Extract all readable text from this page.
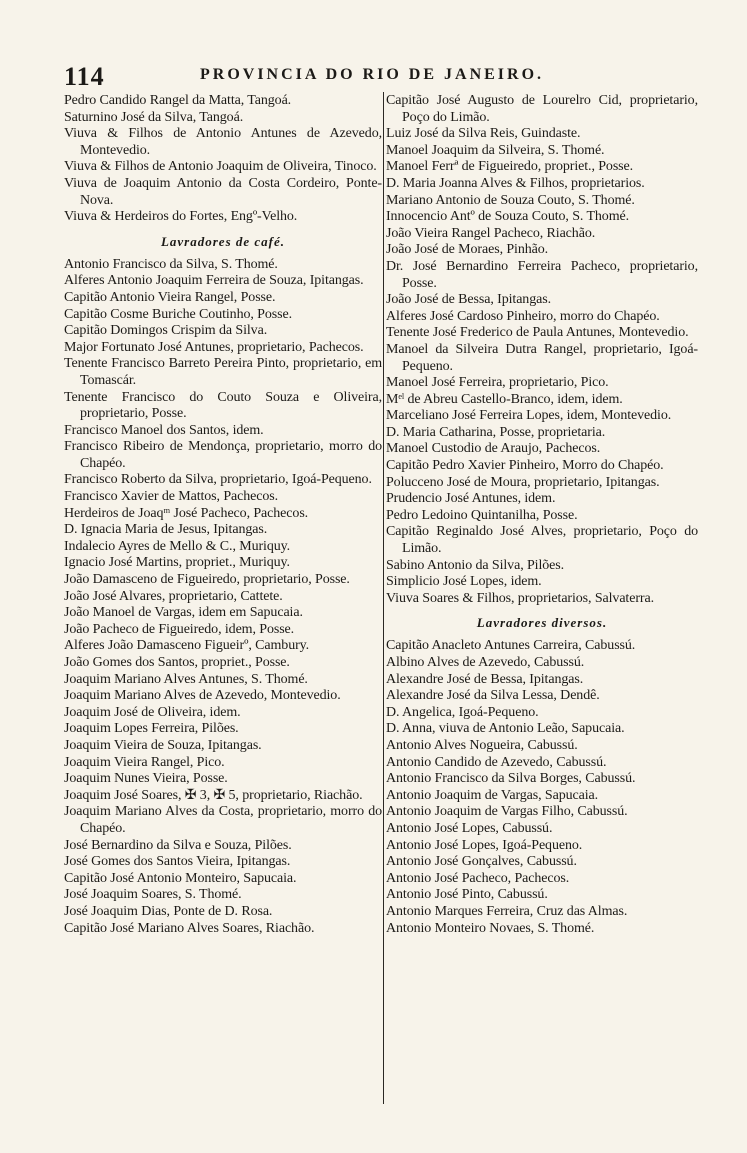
114	PROVINCIA DO RIO DE JANEIRO.
Pedro Candido Rangel da Matta, Tangoá.
Saturnino José da Silva, Tangoá.
Viuva & Filhos de Antonio Antunes de Azevedo, Montevedio.
Viuva & Filhos de Antonio Joaquim de Oliveira, Tinoco.
Viuva de Joaquim Antonio da Costa Cordeiro, Ponte-Nova.
Viuva & Herdeiros do Fortes, Engº-Velho.
Lavradores de café.
Antonio Francisco da Silva, S. Thomé.
Alferes Antonio Joaquim Ferreira de Souza, Ipitangas.
Capitão Antonio Vieira Rangel, Posse.
Capitão Cosme Buriche Coutinho, Posse.
Capitão Domingos Crispim da Silva.
Major Fortunato José Antunes, proprietario, Pachecos.
Tenente Francisco Barreto Pereira Pinto, proprietario, em Tomascár.
Tenente Francisco do Couto Souza e Oliveira, proprietario, Posse.
Francisco Manoel dos Santos, idem.
Francisco Ribeiro de Mendonça, proprietario, morro do Chapéo.
Francisco Roberto da Silva, proprietario, Igoá-Pequeno.
Francisco Xavier de Mattos, Pachecos.
Herdeiros de Joaqᵐ José Pacheco, Pachecos.
D. Ignacia Maria de Jesus, Ipitangas.
Indalecio Ayres de Mello & C., Muriquy.
Ignacio José Martins, propriet., Muriquy.
João Damasceno de Figueiredo, proprietario, Posse.
João José Alvares, proprietario, Cattete.
João Manoel de Vargas, idem em Sapucaia.
João Pacheco de Figueiredo, idem, Posse.
Alferes João Damasceno Figueirº, Cambury.
João Gomes dos Santos, propriet., Posse.
Joaquim Mariano Alves Antunes, S. Thomé.
Joaquim Mariano Alves de Azevedo, Montevedio.
Joaquim José de Oliveira, idem.
Joaquim Lopes Ferreira, Pilões.
Joaquim Vieira de Souza, Ipitangas.
Joaquim Vieira Rangel, Pico.
Joaquim Nunes Vieira, Posse.
Joaquim José Soares, ✠ 3, ✠ 5, proprietario, Riachão.
Joaquim Mariano Alves da Costa, proprietario, morro do Chapéo.
José Bernardino da Silva e Souza, Pilões.
José Gomes dos Santos Vieira, Ipitangas.
Capitão José Antonio Monteiro, Sapucaia.
José Joaquim Soares, S. Thomé.
José Joaquim Dias, Ponte de D. Rosa.
Capitão José Mariano Alves Soares, Riachão.
Capitão José Augusto de Lourelro Cid, proprietario, Poço do Limão.
Luiz José da Silva Reis, Guindaste.
Manoel Joaquim da Silveira, S. Thomé.
Manoel Ferrª de Figueiredo, propriet., Posse.
D. Maria Joanna Alves & Filhos, proprietarios.
Mariano Antonio de Souza Couto, S. Thomé.
Innocencio Antº de Souza Couto, S. Thomé.
João Vieira Rangel Pacheco, Riachão.
João José de Moraes, Pinhão.
Dr. José Bernardino Ferreira Pacheco, proprietario, Posse.
João José de Bessa, Ipitangas.
Alferes José Cardoso Pinheiro, morro do Chapéo.
Tenente José Frederico de Paula Antunes, Montevedio.
Manoel da Silveira Dutra Rangel, proprietario, Igoá-Pequeno.
Manoel José Ferreira, proprietario, Pico.
Mᵉˡ de Abreu Castello-Branco, idem, idem.
Marceliano José Ferreira Lopes, idem, Montevedio.
D. Maria Catharina, Posse, proprietaria.
Manoel Custodio de Araujo, Pachecos.
Capitão Pedro Xavier Pinheiro, Morro do Chapéo.
Polucceno José de Moura, proprietario, Ipitangas.
Prudencio José Antunes, idem.
Pedro Ledoino Quintanilha, Posse.
Capitão Reginaldo José Alves, proprietario, Poço do Limão.
Sabino Antonio da Silva, Pilões.
Simplicio José Lopes, idem.
Viuva Soares & Filhos, proprietarios, Salvaterra.
Lavradores diversos.
Capitão Anacleto Antunes Carreira, Cabussú.
Albino Alves de Azevedo, Cabussú.
Alexandre José de Bessa, Ipitangas.
Alexandre José da Silva Lessa, Dendê.
D. Angelica, Igoá-Pequeno.
D. Anna, viuva de Antonio Leão, Sapucaia.
Antonio Alves Nogueira, Cabussú.
Antonio Candido de Azevedo, Cabussú.
Antonio Francisco da Silva Borges, Cabussú.
Antonio Joaquim de Vargas, Sapucaia.
Antonio Joaquim de Vargas Filho, Cabussú.
Antonio José Lopes, Cabussú.
Antonio José Lopes, Igoá-Pequeno.
Antonio José Gonçalves, Cabussú.
Antonio José Pacheco, Pachecos.
Antonio José Pinto, Cabussú.
Antonio Marques Ferreira, Cruz das Almas.
Antonio Monteiro Novaes, S. Thomé.
